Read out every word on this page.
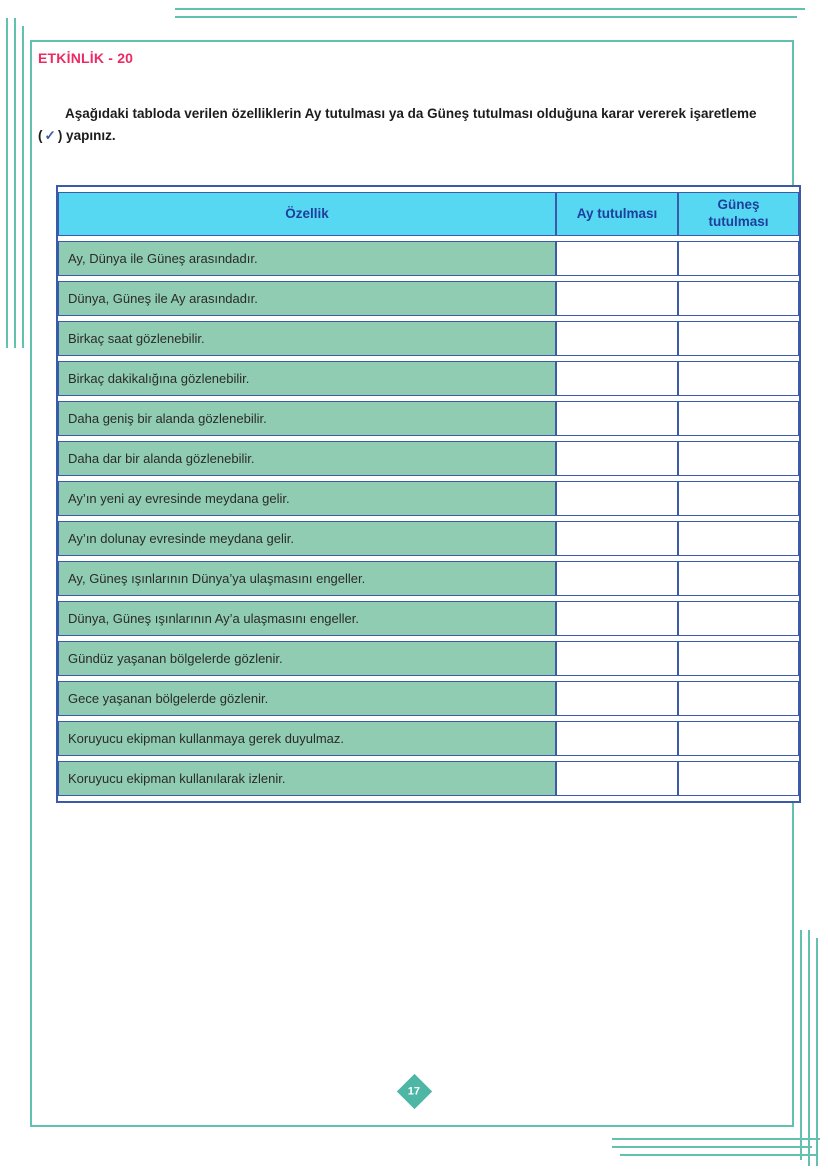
ETKİNLİK - 20

Aşağıdaki tabloda verilen özelliklerin Ay tutulması ya da Güneş tutulması olduğuna karar vererek işaretleme ( ✓ ) yapınız.

Özellik	Ay tutulması	Güneş tutulması
Ay, Dünya ile Güneş arasındadır.		
Dünya, Güneş ile Ay arasındadır.		
Birkaç saat gözlenebilir.		
Birkaç dakikalığına gözlenebilir.		
Daha geniş bir alanda gözlenebilir.		
Daha dar bir alanda gözlenebilir.		
Ay’ın yeni ay evresinde meydana gelir.		
Ay’ın dolunay evresinde meydana gelir.		
Ay, Güneş ışınlarının Dünya’ya ulaşmasını engeller.		
Dünya, Güneş ışınlarının Ay’a ulaşmasını engeller.		
Gündüz yaşanan bölgelerde gözlenir.		
Gece yaşanan bölgelerde gözlenir.		
Koruyucu ekipman kullanmaya gerek duyulmaz.		
Koruyucu ekipman kullanılarak izlenir.		
17
